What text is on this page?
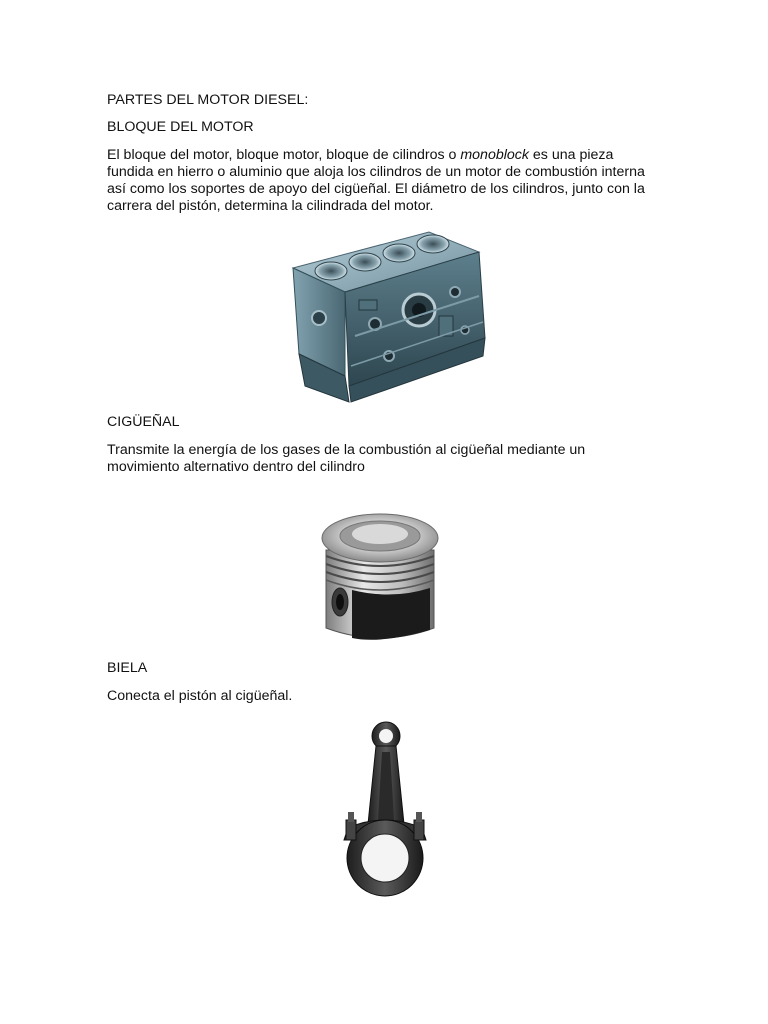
PARTES DEL MOTOR DIESEL:

BLOQUE DEL MOTOR

El bloque del motor, bloque motor, bloque de cilindros o monoblock es una pieza fundida en hierro o aluminio que aloja los cilindros de un motor de combustión interna así como los soportes de apoyo del cigüeñal. El diámetro de los cilindros, junto con la carrera del pistón, determina la cilindrada del motor.

CIGÜEÑAL

Transmite la energía de los gases de la combustión al cigüeñal mediante un movimiento alternativo dentro del cilindro

BIELA

Conecta el pistón al cigüeñal.
